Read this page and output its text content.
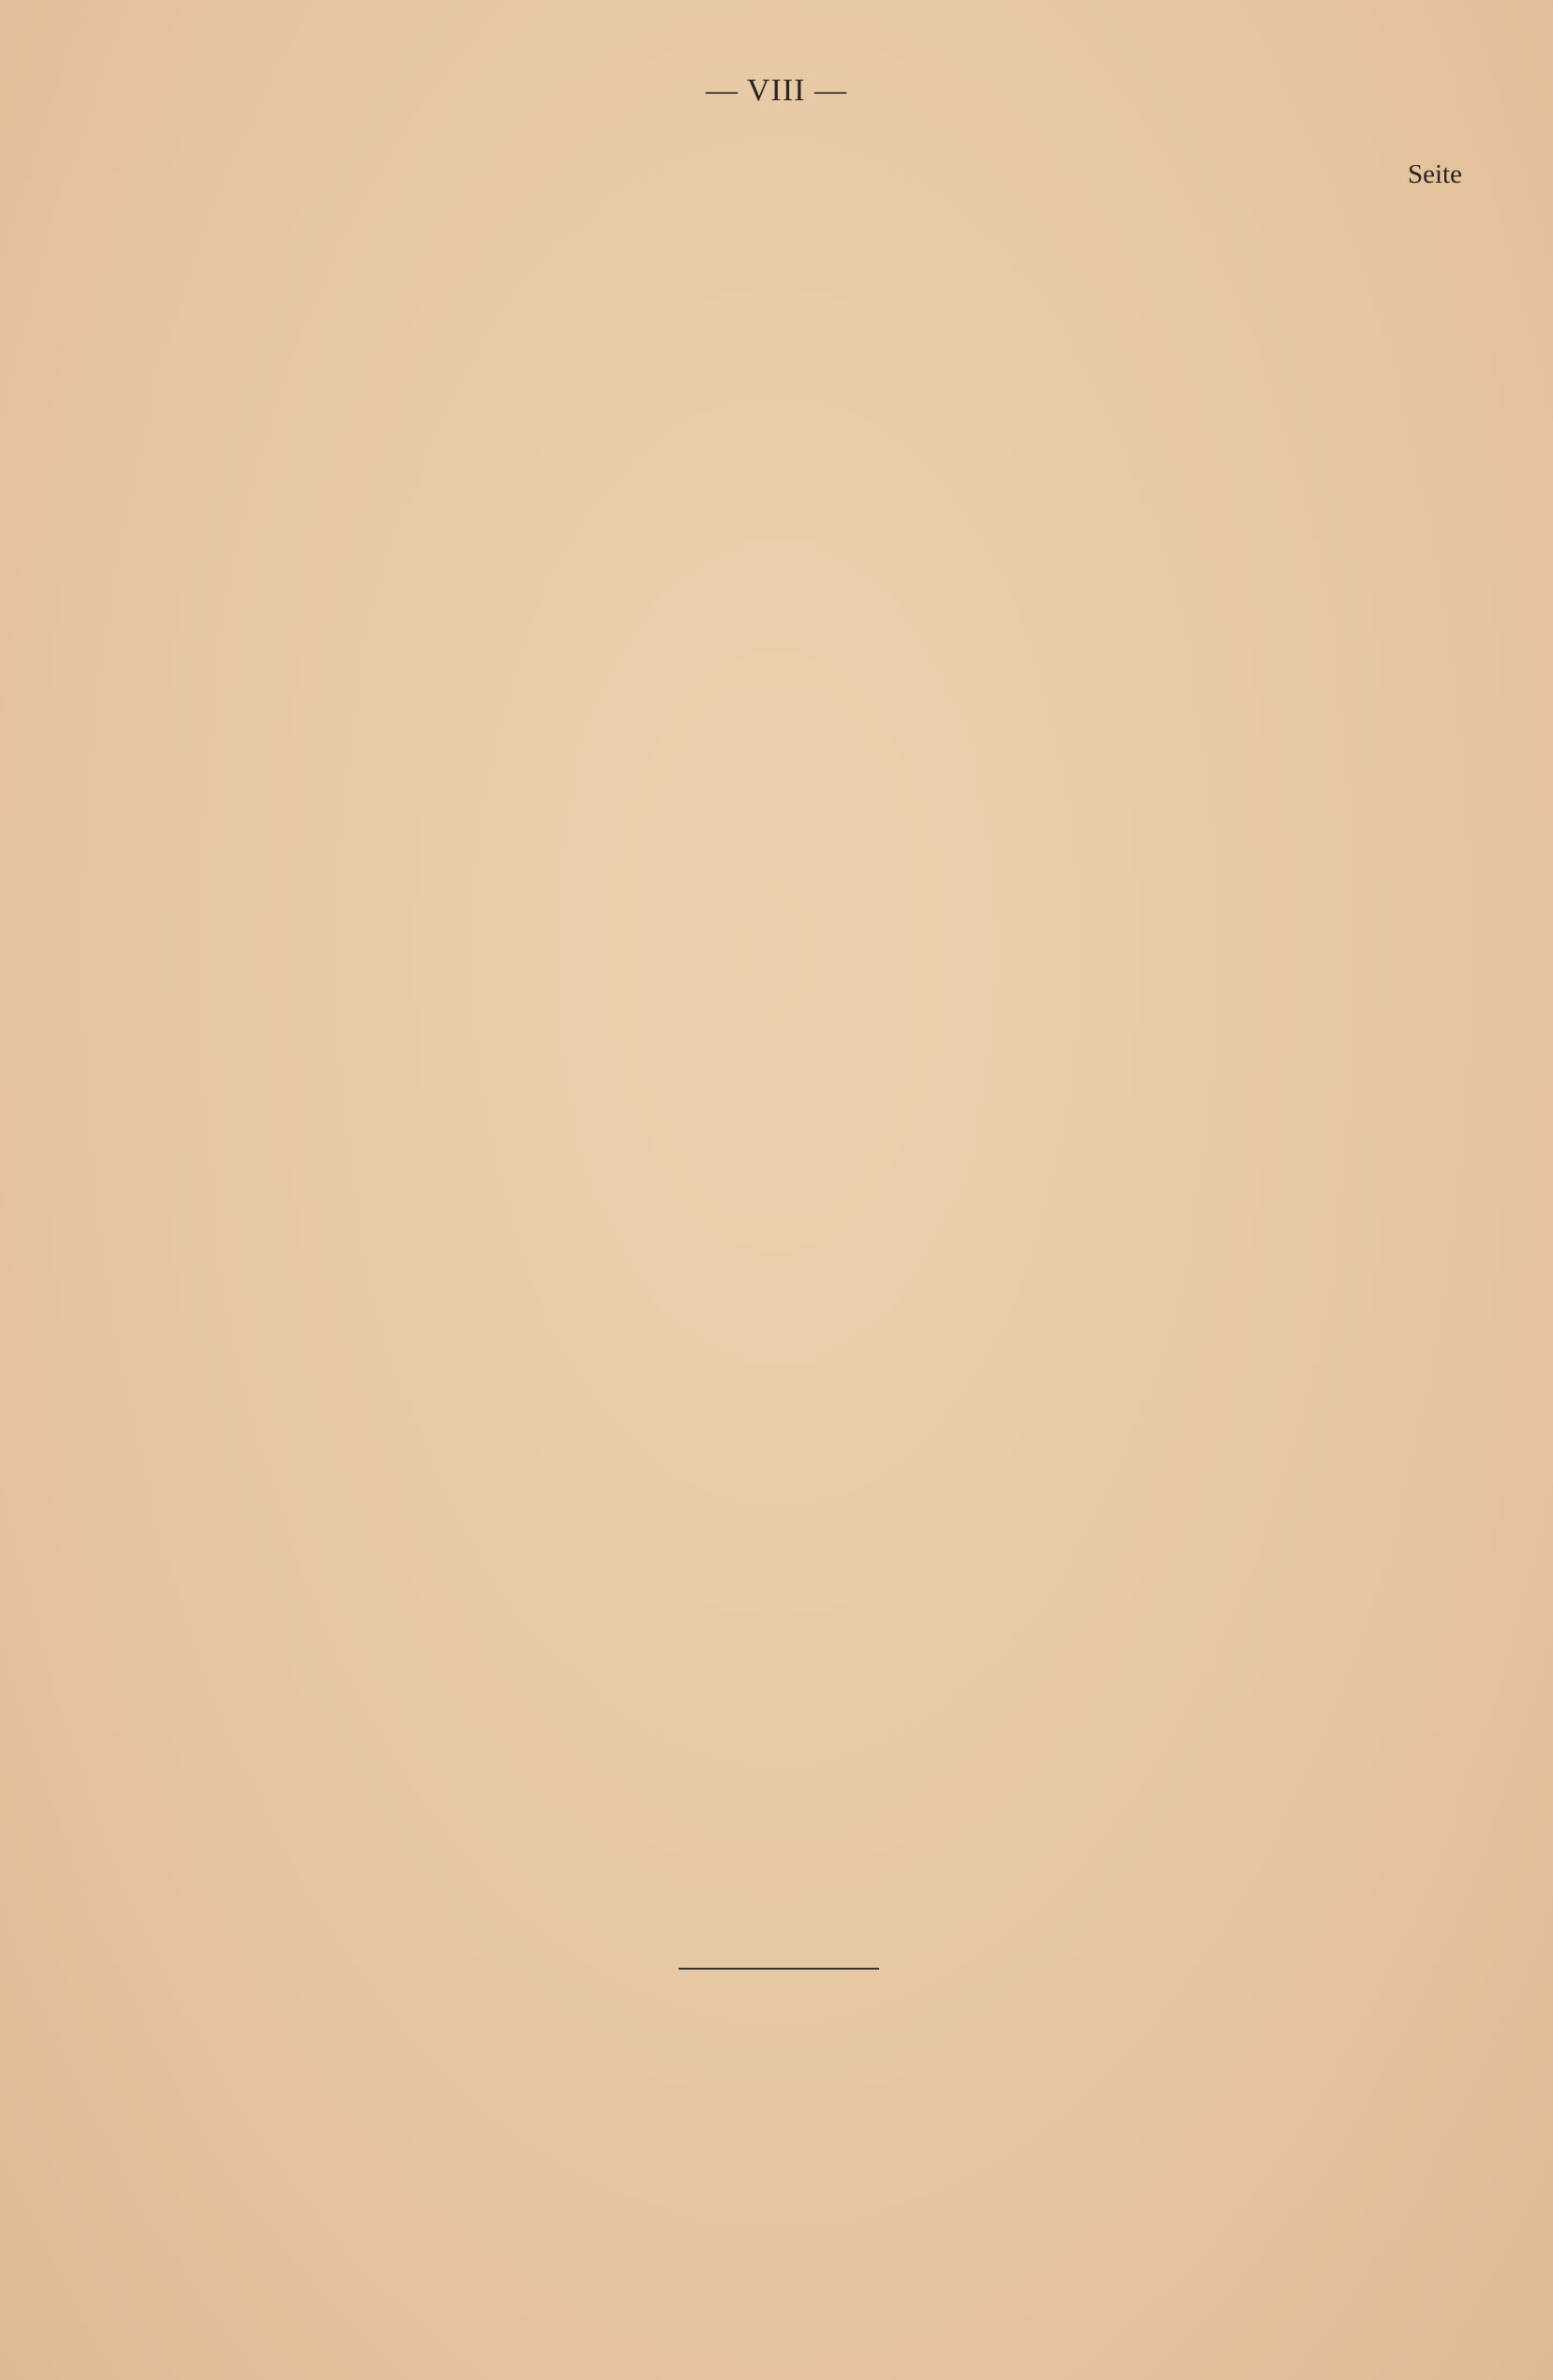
— VIII —
Seite
